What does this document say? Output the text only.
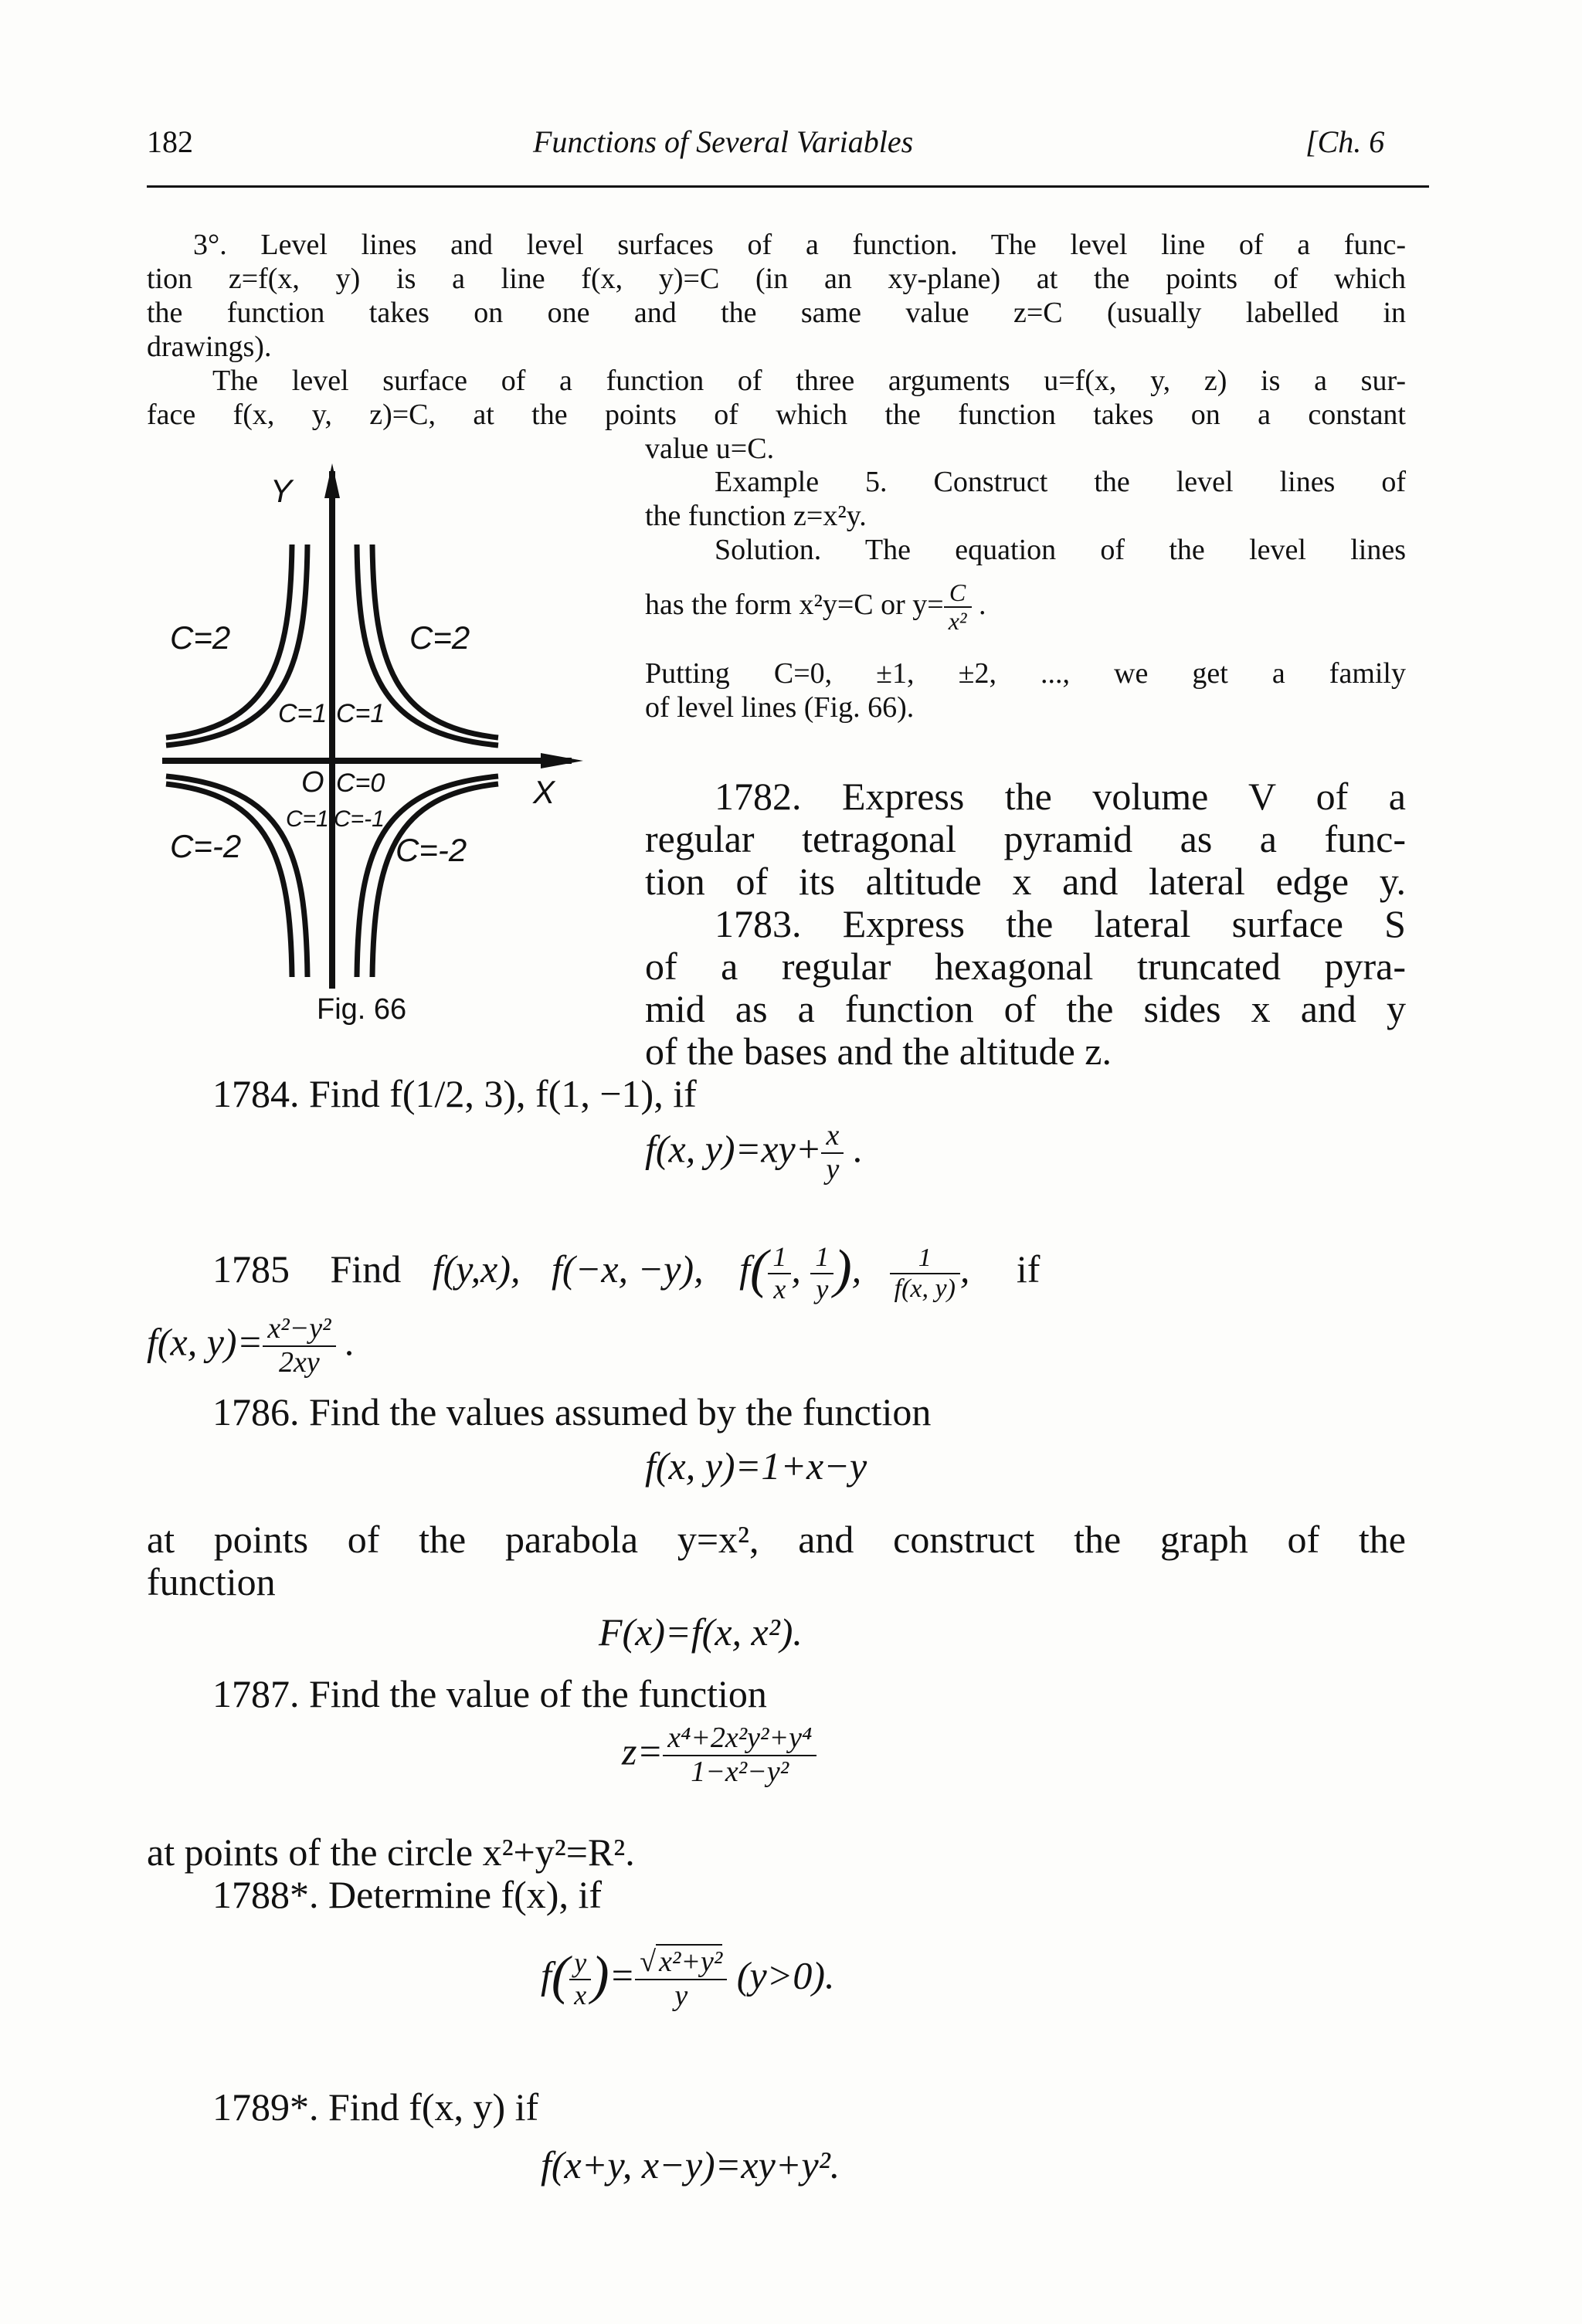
182	Functions of Several Variables	[Ch. 6
3°. Level lines and level surfaces of a function. The level line of a func-
tion z=f(x, y) is a line f(x, y)=C (in an xy-plane) at the points of which
the function takes on one and the same value z=C (usually labelled in
drawings).
The level surface of a function of three arguments u=f(x, y, z) is a sur-
face f(x, y, z)=C, at the points of which the function takes on a constant
value u=C.
Y
X
O
C=2	C=2
C=1 C=1
C=0
C=1 C=-1
C=-2	C=-2
Fig. 66
Example 5. Construct the level lines of
the function z=x²y.
Solution. The equation of the level lines
has the form x²y=C or $y= \frac{C}{\text{x²}}$ .
Putting C=0, ±1, ±2, ..., we get a family
of level lines (Fig. 66).
1782. Express the volume V of a
regular tetragonal pyramid as a func-
tion of its altitude x and lateral edge y.
1783. Express the lateral surface S
of a regular hexagonal truncated pyra-
mid as a function of the sides x and y
of the bases and the altitude z.
1784. Find f(1/2, 3), f(1, −1), if
f(x, $y)=xy+ \frac{x}{y}$ .
1785 Find f(y,x), f(−x, −y), $f( \frac{1}{x}$ , $\frac{1}{y}$ ), $\frac{1}{f(x, y)}$ , if
f(x, $y)= \frac{\text{x²−y²}}{2xy}$ .
1786. Find the values assumed by the function
f(x, y)=1+x−y
at points of the parabola y=x², and construct the graph of the
function
F(x)=f(x, x²).
1787. Find the value of the function
$z= \frac{\text{x⁴+2x²y²+y⁴}}{\text{1−x²−y²}}$
at points of the circle x²+y²=R².
1788*. Determine f(x), if
$f( \frac{y}{x}$ )= $\frac{\text{√ x²+y²}}{y} (y>0)$.
1789*. Find f(x, y) if
f(x+y, x−y)=xy+y².
